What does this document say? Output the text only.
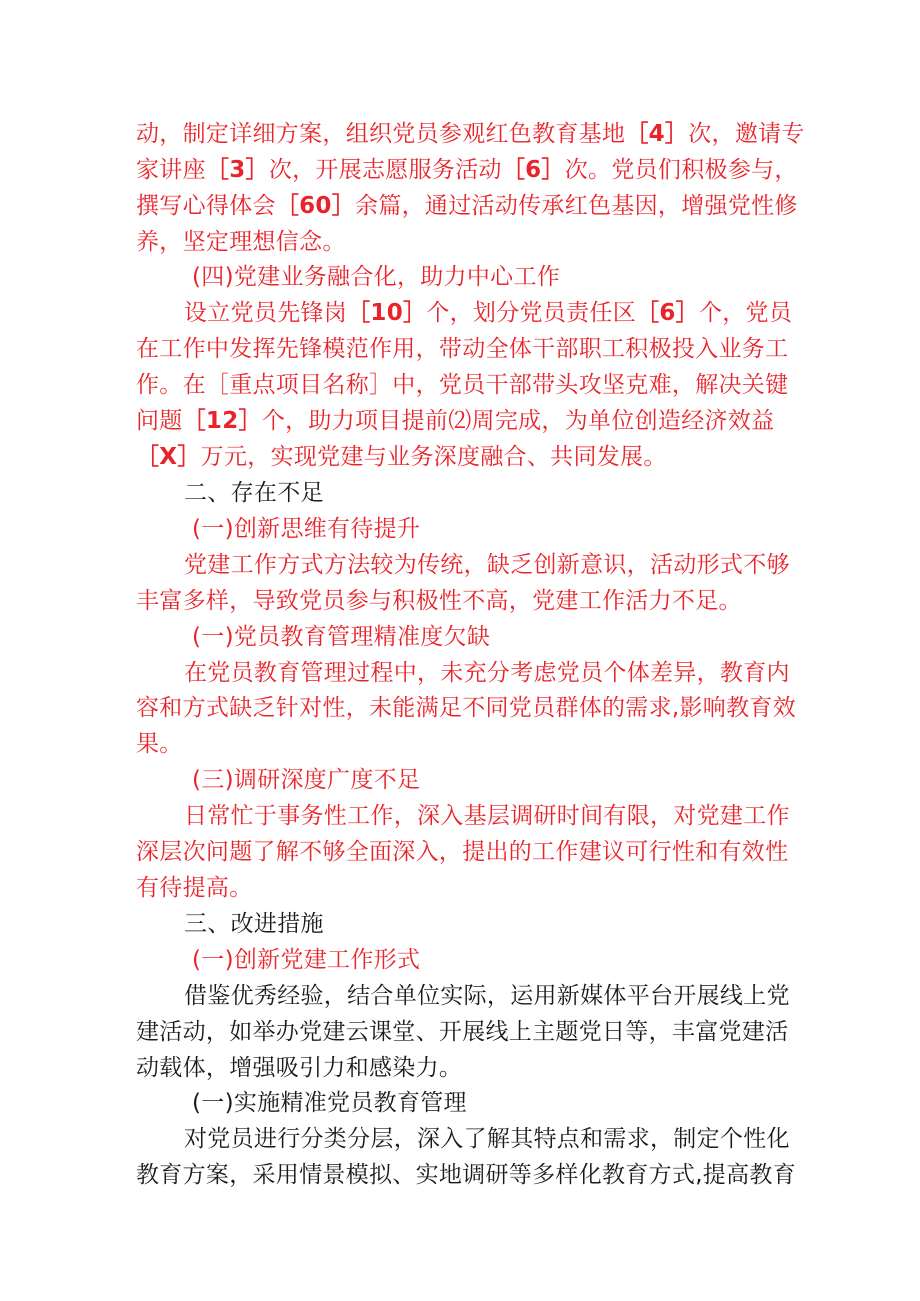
动，制定详细方案，组织党员参观红色教育基地［4］次，邀请专
家讲座［3］次，开展志愿服务活动［6］次。党员们积极参与，
撰写心得体会［60］余篇，通过活动传承红色基因，增强党性修
养，坚定理想信念。
(四)党建业务融合化，助力中心工作
设立党员先锋岗［10］个，划分党员责任区［6］个，党员
在工作中发挥先锋模范作用，带动全体干部职工积极投入业务工
作。在［重点项目名称］中，党员干部带头攻坚克难，解决关键
问题［12］个，助力项目提前⑵周完成，为单位创造经济效益
［X］万元，实现党建与业务深度融合、共同发展。
二、存在不足
(一)创新思维有待提升
党建工作方式方法较为传统，缺乏创新意识，活动形式不够
丰富多样，导致党员参与积极性不高，党建工作活力不足。
(一)党员教育管理精准度欠缺
在党员教育管理过程中，未充分考虑党员个体差异，教育内
容和方式缺乏针对性，未能满足不同党员群体的需求,影响教育效
果。
(三)调研深度广度不足
日常忙于事务性工作，深入基层调研时间有限，对党建工作
深层次问题了解不够全面深入，提出的工作建议可行性和有效性
有待提高。
三、改进措施
(一)创新党建工作形式
借鉴优秀经验，结合单位实际，运用新媒体平台开展线上党
建活动，如举办党建云课堂、开展线上主题党日等，丰富党建活
动载体，增强吸引力和感染力。
(一)实施精准党员教育管理
对党员进行分类分层，深入了解其特点和需求，制定个性化
教育方案，采用情景模拟、实地调研等多样化教育方式,提高教育
